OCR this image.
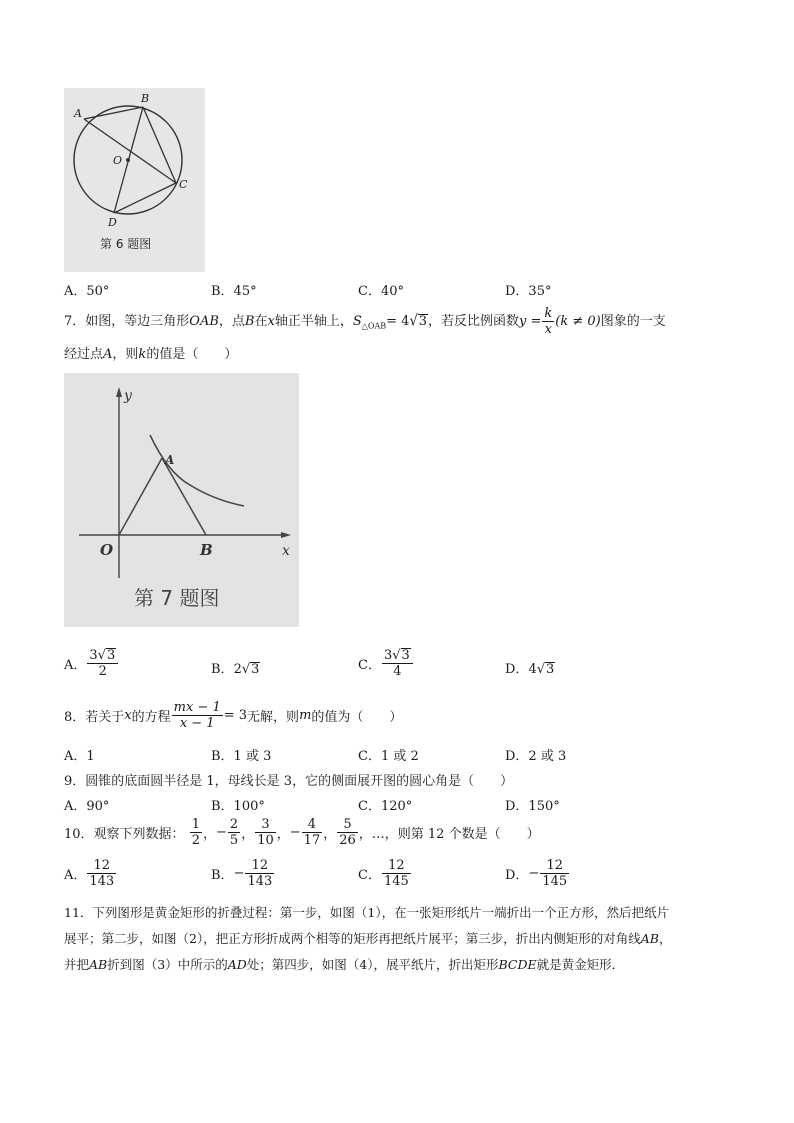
A
B
O
C
D
第 6 题图
A．50°	B．45°	C．40°	D．35°
7．如图，等边三角形OAB，点B在x轴正半轴上，$S_{\triangle OAB}= 4√3$，若反比例函数$y = \frac{k}{x} (k \ne 0)$图象的一支
经过点A，则k的值是（　　）
y
A
O	B	x
第 7 题图
A． $\frac{3√3}{2}$	B．2√3	C． $\frac{3√3}{4}$	D．4√3
8．若关于x的方程 $\frac{mx - 1}{x - 1} = 3$无解，则m的值为（　　）
A．1	B．1 或 3	C．1 或 2	D．2 或 3
9．圆锥的底面圆半径是 1，母线长是 3，它的侧面展开图的圆心角是（　　）
A．90°	B．100°	C．120°	D．150°
10．观察下列数据： $\frac{1}{2}$ ，− $\frac{2}{5}$ ， $\frac{3}{10}$ ，− $\frac{4}{17}$ ， $\frac{5}{26}$ ，…，则第 12 个数是（　　）
A． $\frac{12}{143}$	B．− $\frac{12}{143}$	C． $\frac{12}{145}$	D．− $\frac{12}{145}$
11．下列图形是黄金矩形的折叠过程：第一步，如图（1），在一张矩形纸片一端折出一个正方形，然后把纸片
展平；第二步，如图（2），把正方形折成两个相等的矩形再把纸片展平；第三步，折出内侧矩形的对角线AB，
并把AB折到图（3）中所示的AD处；第四步，如图（4），展平纸片，折出矩形BCDE就是黄金矩形．
